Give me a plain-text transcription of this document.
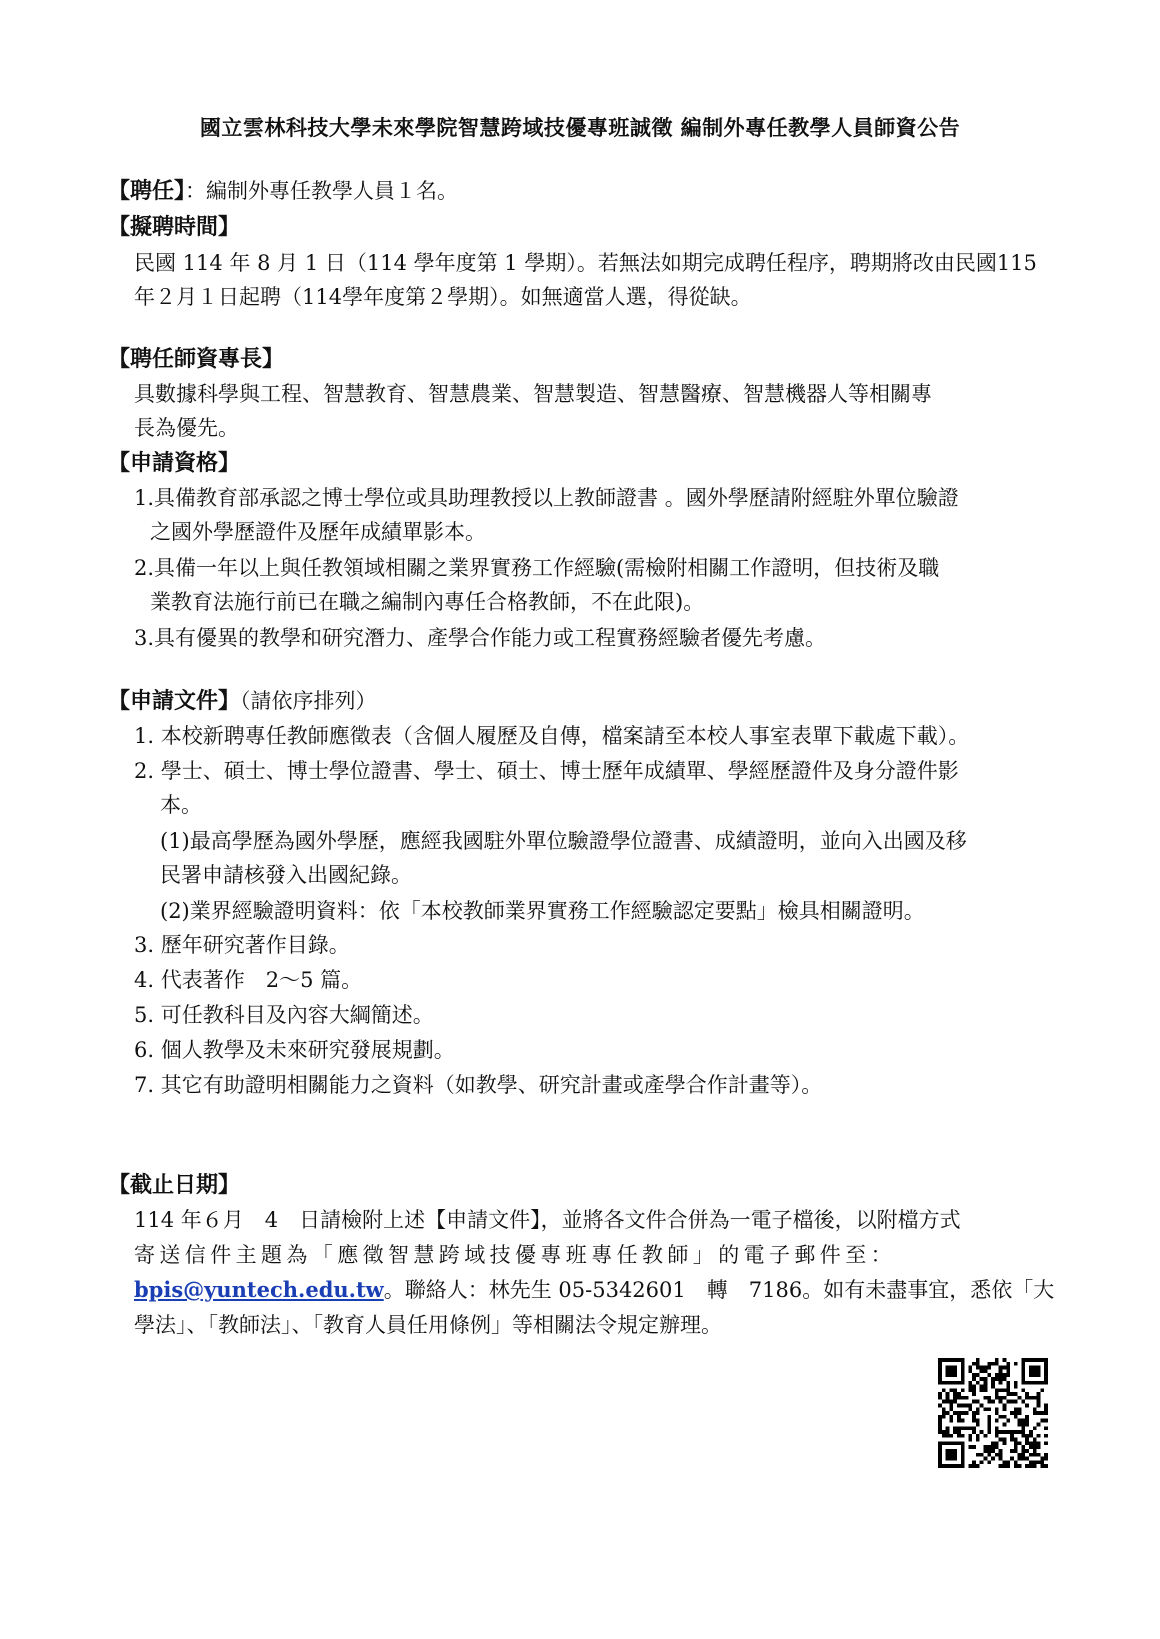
國立雲林科技大學未來學院智慧跨域技優專班誠徵 編制外專任教學人員師資公告
【聘任】：編制外專任教學人員１名。
【擬聘時間】
民國 114 年 8 月 1 日（114 學年度第 1 學期）。若無法如期完成聘任程序，聘期將改由民國115
年２月１日起聘（114學年度第２學期）。如無適當人選，得從缺。
【聘任師資專長】
具數據科學與工程、智慧教育、智慧農業、智慧製造、智慧醫療、智慧機器人等相關專
長為優先。
【申請資格】
1.具備教育部承認之博士學位或具助理教授以上教師證書 。國外學歷請附經駐外單位驗證
之國外學歷證件及歷年成績單影本。
2.具備一年以上與任教領域相關之業界實務工作經驗(需檢附相關工作證明，但技術及職
業教育法施行前已在職之編制內專任合格教師，不在此限)。
3.具有優異的教學和研究潛力、產學合作能力或工程實務經驗者優先考慮。
【申請文件】（請依序排列）
1. 本校新聘專任教師應徵表（含個人履歷及自傳，檔案請至本校人事室表單下載處下載）。
2. 學士、碩士、博士學位證書、學士、碩士、博士歷年成績單、學經歷證件及身分證件影
本。
(1)最高學歷為國外學歷，應經我國駐外單位驗證學位證書、成績證明，並向入出國及移
民署申請核發入出國紀錄。
(2)業界經驗證明資料：依「本校教師業界實務工作經驗認定要點」檢具相關證明。
3. 歷年研究著作目錄。
4. 代表著作　2～5 篇。
5. 可任教科目及內容大綱簡述。
6. 個人教學及未來研究發展規劃。
7. 其它有助證明相關能力之資料（如教學、研究計畫或產學合作計畫等）。
【截止日期】
114 年６月　4　日請檢附上述【申請文件】，並將各文件合併為一電子檔後，以附檔方式
寄送信件主題為「應徵智慧跨域技優專班專任教師」的電子郵件至：
bpis@yuntech.edu.tw。聯絡人：林先生 05-5342601　轉　7186。如有未盡事宜，悉依「大
學法」、「教師法」、「教育人員任用條例」等相關法令規定辦理。
